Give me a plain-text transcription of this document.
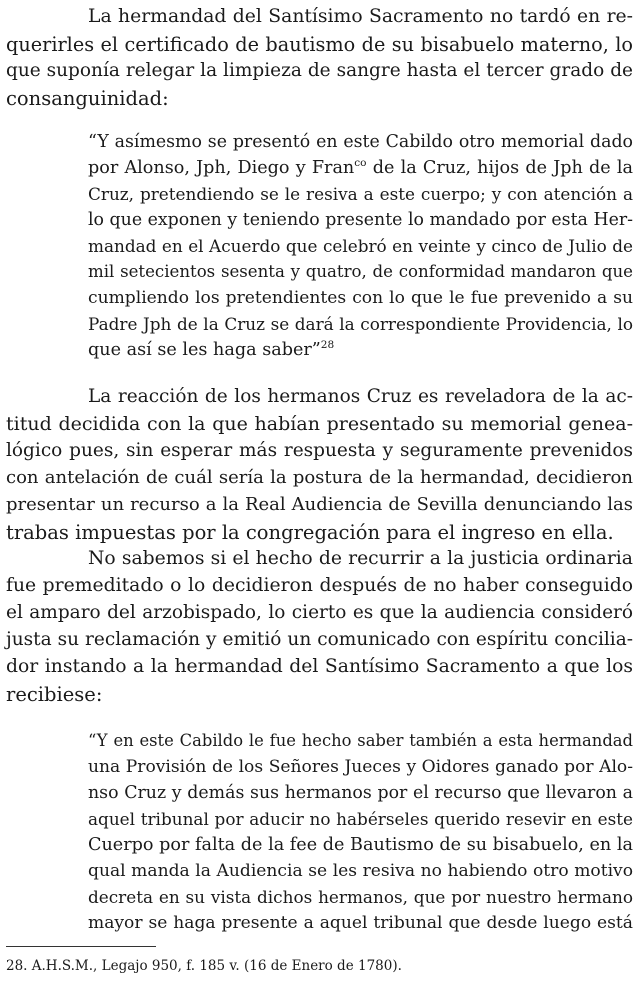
La hermandad del Santísimo Sacramento no tardó en re-

querirles el certificado de bautismo de su bisabuelo materno, lo

que suponía relegar la limpieza de sangre hasta el tercer grado de

consanguinidad:

“Y asímesmo se presentó en este Cabildo otro memorial dado

por Alonso, Jph, Diego y Fran$^{co}$ de la Cruz, hijos de Jph de la

Cruz, pretendiendo se le resiva a este cuerpo; y con atención a

lo que exponen y teniendo presente lo mandado por esta Her-

mandad en el Acuerdo que celebró en veinte y cinco de Julio de

mil setecientos sesenta y quatro, de conformidad mandaron que

cumpliendo los pretendientes con lo que le fue prevenido a su

Padre Jph de la Cruz se dará la correspondiente Providencia, lo

que así se les haga saber”$^{28}$

La reacción de los hermanos Cruz es reveladora de la ac-

titud decidida con la que habían presentado su memorial genea-

lógico pues, sin esperar más respuesta y seguramente prevenidos

con antelación de cuál sería la postura de la hermandad, decidieron

presentar un recurso a la Real Audiencia de Sevilla denunciando las

trabas impuestas por la congregación para el ingreso en ella.

No sabemos si el hecho de recurrir a la justicia ordinaria

fue premeditado o lo decidieron después de no haber conseguido

el amparo del arzobispado, lo cierto es que la audiencia consideró

justa su reclamación y emitió un comunicado con espíritu concilia-

dor instando a la hermandad del Santísimo Sacramento a que los

recibiese:

“Y en este Cabildo le fue hecho saber también a esta hermandad

una Provisión de los Señores Jueces y Oidores ganado por Alo-

nso Cruz y demás sus hermanos por el recurso que llevaron a

aquel tribunal por aducir no habérseles querido resevir en este

Cuerpo por falta de la fee de Bautismo de su bisabuelo, en la

qual manda la Audiencia se les resiva no habiendo otro motivo

decreta en su vista dichos hermanos, que por nuestro hermano

mayor se haga presente a aquel tribunal que desde luego está

28. A.H.S.M., Legajo 950, f. 185 v. (16 de Enero de 1780).
